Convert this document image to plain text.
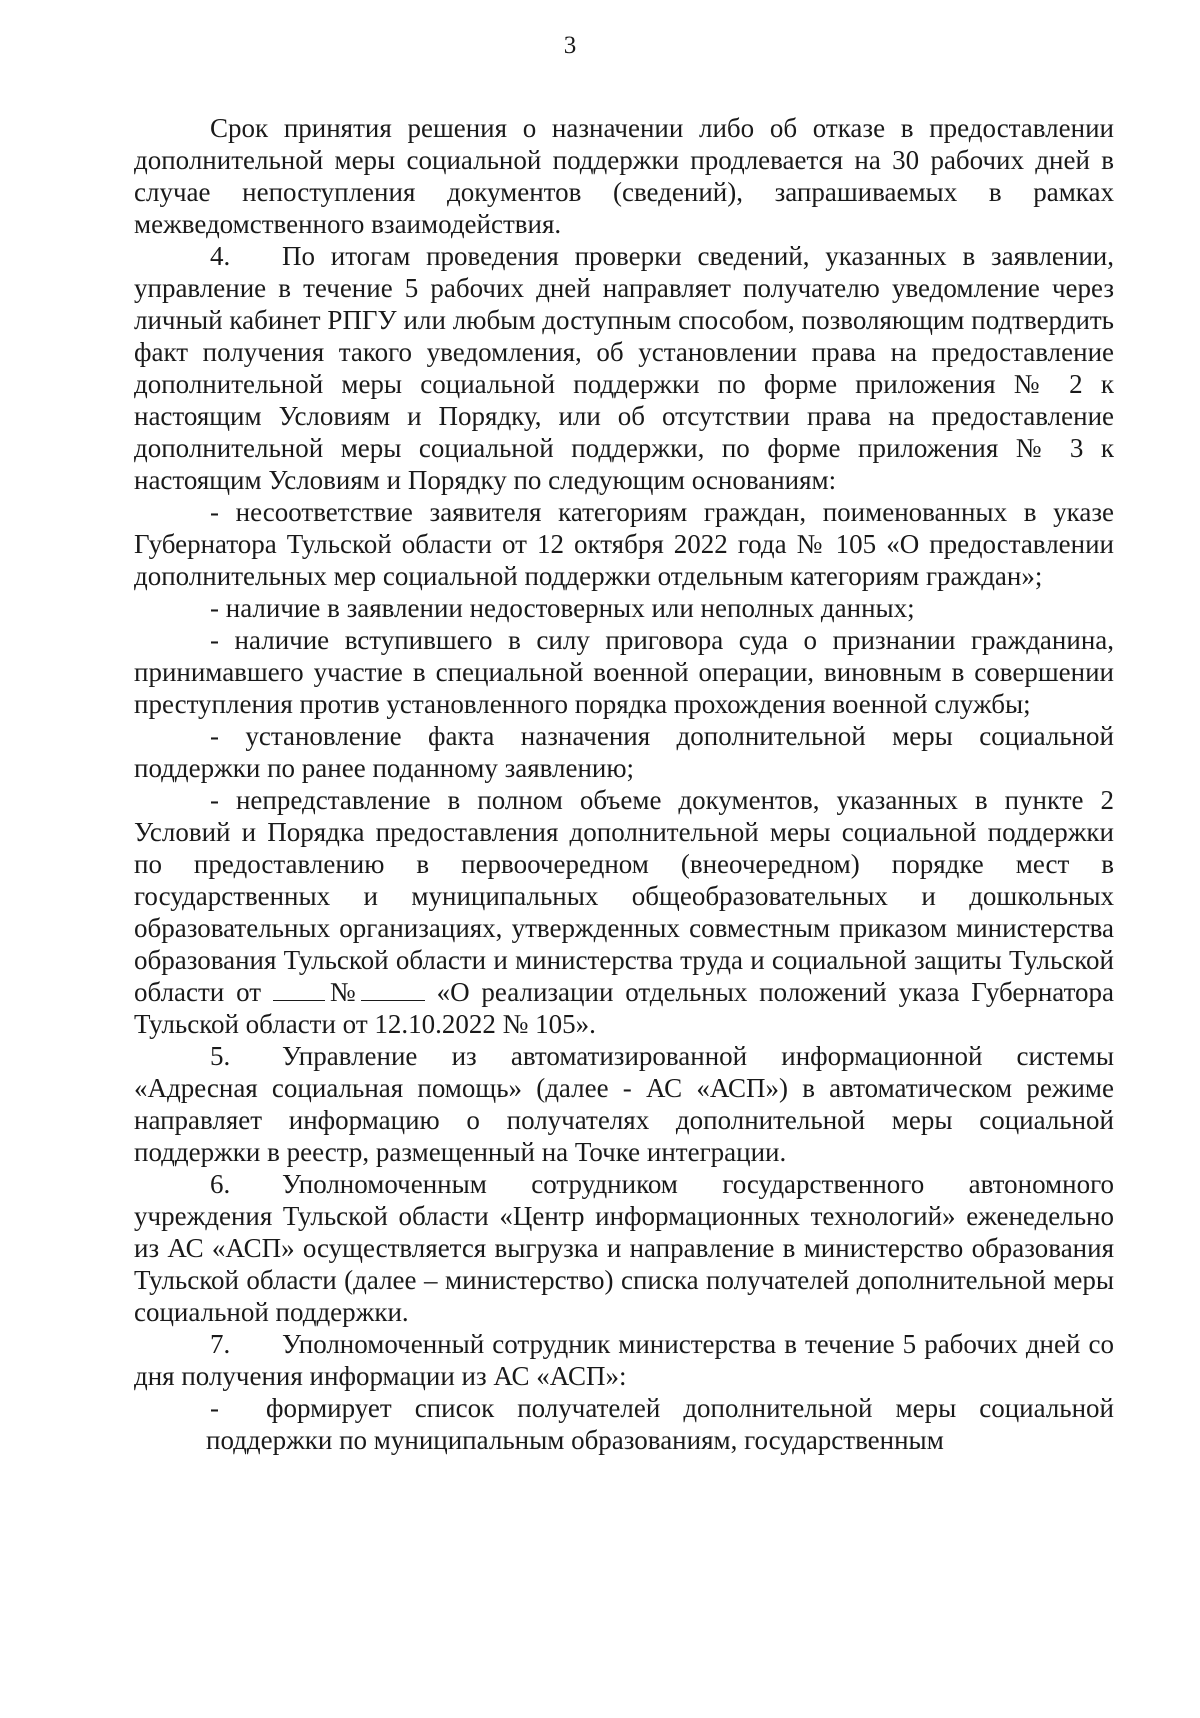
3

Срок принятия решения о назначении либо об отказе в предоставлении дополнительной меры социальной поддержки продлевается на 30 рабочих дней в случае непоступления документов (сведений), запрашиваемых в рамках межведомственного взаимодействия.

4. По итогам проведения проверки сведений, указанных в заявлении, управление в течение 5 рабочих дней направляет получателю уведомление через личный кабинет РПГУ или любым доступным способом, позволяющим подтвердить факт получения такого уведомления, об установлении права на предоставление дополнительной меры социальной поддержки по форме приложения № 2 к настоящим Условиям и Порядку, или об отсутствии права на предоставление дополнительной меры социальной поддержки, по форме приложения № 3 к настоящим Условиям и Порядку по следующим основаниям:

- несоответствие заявителя категориям граждан, поименованных в указе Губернатора Тульской области от 12 октября 2022 года № 105 «О предоставлении дополнительных мер социальной поддержки отдельным категориям граждан»;

- наличие в заявлении недостоверных или неполных данных;

- наличие вступившего в силу приговора суда о признании гражданина, принимавшего участие в специальной военной операции, виновным в совершении преступления против установленного порядка прохождения военной службы;

- установление факта назначения дополнительной меры социальной поддержки по ранее поданному заявлению;

- непредставление в полном объеме документов, указанных в пункте 2 Условий и Порядка предоставления дополнительной меры социальной поддержки по предоставлению в первоочередном (внеочередном) порядке мест в государственных и муниципальных общеобразовательных и дошкольных образовательных организациях, утвержденных совместным приказом министерства образования Тульской области и министерства труда и социальной защиты Тульской области от №	«О реализации отдельных положений указа Губернатора Тульской области от 12.10.2022 № 105».

5. Управление из автоматизированной информационной системы «Адресная социальная помощь» (далее - АС «АСП») в автоматическом режиме направляет информацию о получателях дополнительной меры социальной поддержки в реестр, размещенный на Точке интеграции.

6. Уполномоченным сотрудником государственного автономного учреждения Тульской области «Центр информационных технологий» еженедельно из АС «АСП» осуществляется выгрузка и направление в министерство образования Тульской области (далее – министерство) списка получателей дополнительной меры социальной поддержки.

7. Уполномоченный сотрудник министерства в течение 5 рабочих дней со дня получения информации из АС «АСП»:

-	формирует список получателей дополнительной меры социальной поддержки по муниципальным образованиям, государственным
